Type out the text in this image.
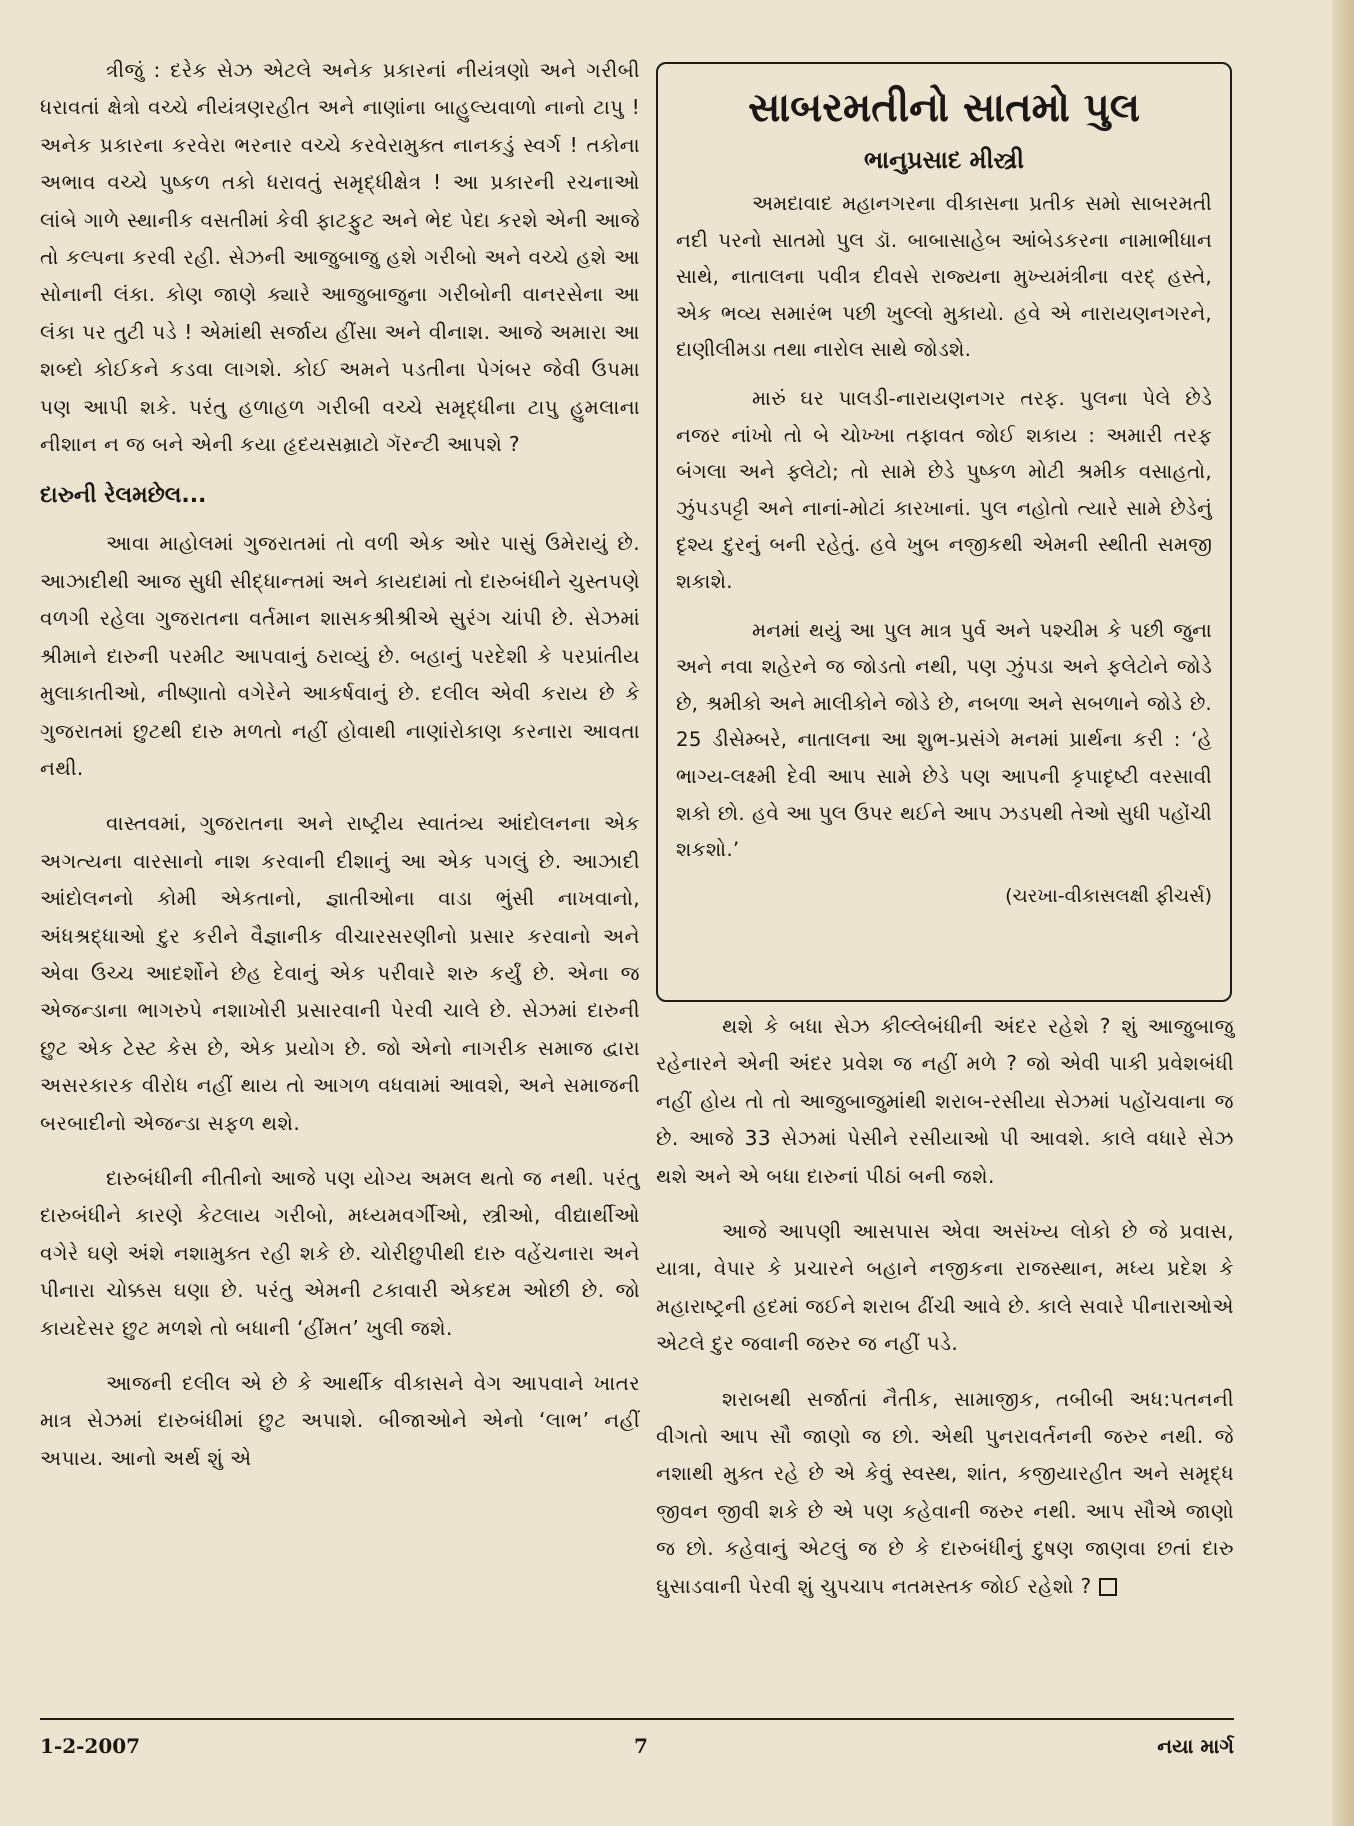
ત્રીજું : દરેક સેઝ એટલે અનેક પ્રકારનાં નીયંત્રણો અને ગરીબી ધરાવતાં ક્ષેત્રો વચ્ચે નીયંત્રણરહીત અને નાણાંના બાહુલ્યવાળો નાનો ટાપુ ! અનેક પ્રકારના કરવેરા ભરનાર વચ્ચે કરવેરામુક્ત નાનકડું સ્વર્ગ ! તકોના અભાવ વચ્ચે પુષ્કળ તકો ધરાવતું સમૃદ્ધીક્ષેત્ર ! આ પ્રકારની રચનાઓ લાંબે ગાળે સ્થાનીક વસતીમાં કેવી ફાટફુટ અને ભેદ પેદા કરશે એની આજે તો કલ્પના કરવી રહી. સેઝની આજુબાજુ હશે ગરીબો અને વચ્ચે હશે આ સોનાની લંકા. કોણ જાણે ક્યારે આજુબાજુના ગરીબોની વાનરસેના આ લંકા પર તુટી પડે ! એમાંથી સર્જાય હીંસા અને વીનાશ. આજે અમારા આ શબ્દો કોઈકને કડવા લાગશે. કોઈ અમને પડતીના પેગંબર જેવી ઉપમા પણ આપી શકે. પરંતુ હળાહળ ગરીબી વચ્ચે સમૃદ્ધીના ટાપુ હુમલાના નીશાન ન જ બને એની કયા હૃદયસમ્રાટો ગૅરન્ટી આપશે ?

દારુની રેલમછેલ...

આવા માહોલમાં ગુજરાતમાં તો વળી એક ઓર પાસું ઉમેરાયું છે. આઝાદીથી આજ સુધી સીદ્ધાન્તમાં અને કાયદામાં તો દારુબંધીને ચુસ્તપણે વળગી રહેલા ગુજરાતના વર્તમાન શાસકશ્રીશ્રીએ સુરંગ ચાંપી છે. સેઝમાં શ્રીમાને દારુની પરમીટ આપવાનું ઠરાવ્યું છે. બહાનું પરદેશી કે પરપ્રાંતીય મુલાકાતીઓ, નીષ્ણાતો વગેરેને આકર્ષવાનું છે. દલીલ એવી કરાય છે કે ગુજરાતમાં છુટથી દારુ મળતો નહીં હોવાથી નાણાંરોકાણ કરનારા આવતા નથી.

વાસ્તવમાં, ગુજરાતના અને રાષ્ટ્રીય સ્વાતંત્ર્ય આંદોલનના એક અગત્યના વારસાનો નાશ કરવાની દીશાનું આ એક પગલું છે. આઝાદી આંદોલનનો કોમી એકતાનો, જ્ઞાતીઓના વાડા ભુંસી નાખવાનો, અંધશ્રદ્ધાઓ દુર કરીને વૈજ્ઞાનીક વીચારસરણીનો પ્રસાર કરવાનો અને એવા ઉચ્ચ આદર્શોને છેહ દેવાનું એક પરીવારે શરુ કર્યું છે. એના જ એજન્ડાના ભાગરુપે નશાખોરી પ્રસારવાની પેરવી ચાલે છે. સેઝમાં દારુની છુટ એક ટેસ્ટ કેસ છે, એક પ્રયોગ છે. જો એનો નાગરીક સમાજ દ્વારા અસરકારક વીરોધ નહીં થાય તો આગળ વધવામાં આવશે, અને સમાજની બરબાદીનો એજન્ડા સફળ થશે.

દારુબંધીની નીતીનો આજે પણ યોગ્ય અમલ થતો જ નથી. પરંતુ દારુબંધીને કારણે કેટલાય ગરીબો, મધ્યમવર્ગીઓ, સ્ત્રીઓ, વીદ્યાર્થીઓ વગેરે ઘણે અંશે નશામુક્ત રહી શકે છે. ચોરીછુપીથી દારુ વહેંચનારા અને પીનારા ચોક્કસ ઘણા છે. પરંતુ એમની ટકાવારી એકદમ ઓછી છે. જો કાયદેસર છુટ મળશે તો બધાની ‘હીંમત’ ખુલી જશે.

આજની દલીલ એ છે કે આર્થીક વીકાસને વેગ આપવાને ખાતર માત્ર સેઝમાં દારુબંધીમાં છુટ અપાશે. બીજાઓને એનો ‘લાભ’ નહીં અપાય. આનો અર્થ શું એ

સાબરમતીનો સાતમો પુલ
ભાનુપ્રસાદ મીસ્ત્રી

અમદાવાદ મહાનગરના વીકાસના પ્રતીક સમો સાબરમતી નદી પરનો સાતમો પુલ ડૉ. બાબાસાહેબ આંબેડકરના નામાભીધાન સાથે, નાતાલના પવીત્ર દીવસે રાજ્યના મુખ્યમંત્રીના વરદ્ હસ્તે, એક ભવ્ય સમારંભ પછી ખુલ્લો મુકાયો. હવે એ નારાયણનગરને, દાણીલીમડા તથા નારોલ સાથે જોડશે.

મારું ઘર પાલડી-નારાયણનગર તરફ. પુલના પેલે છેડે નજર નાંખો તો બે ચોખ્ખા તફાવત જોઈ શકાય : અમારી તરફ બંગલા અને ફ્લેટો; તો સામે છેડે પુષ્કળ મોટી શ્રમીક વસાહતો, ઝુંપડપટ્ટી અને નાનાં-મોટાં કારખાનાં. પુલ નહોતો ત્યારે સામે છેડેનું દૃશ્ય દુરનું બની રહેતું. હવે ખુબ નજીકથી એમની સ્થીતી સમજી શકાશે.

મનમાં થયું આ પુલ માત્ર પુર્વ અને પશ્ચીમ કે પછી જુના અને નવા શહેરને જ જોડતો નથી, પણ ઝુંપડા અને ફલેટોને જોડે છે, શ્રમીકો અને માલીકોને જોડે છે, નબળા અને સબળાને જોડે છે. 25 ડીસેમ્બરે, નાતાલના આ શુભ-પ્રસંગે મનમાં પ્રાર્થના કરી : ‘હે ભાગ્ય-લક્ષ્મી દેવી આપ સામે છેડે પણ આપની કૃપાદૃષ્ટી વરસાવી શકો છો. હવે આ પુલ ઉપર થઈને આપ ઝડપથી તેઓ સુધી પહોંચી શકશો.’

(ચરખા-વીકાસલક્ષી ફીચર્સ)

થશે કે બધા સેઝ કીલ્લેબંધીની અંદર રહેશે ? શું આજુબાજુ રહેનારને એની અંદર પ્રવેશ જ નહીં મળે ? જો એવી પાકી પ્રવેશબંધી નહીં હોય તો તો આજુબાજુમાંથી શરાબ-રસીયા સેઝમાં પહોંચવાના જ છે. આજે 33 સેઝમાં પેસીને રસીયાઓ પી આવશે. કાલે વધારે સેઝ થશે અને એ બધા દારુનાં પીઠાં બની જશે.

આજે આપણી આસપાસ એવા અસંખ્ય લોકો છે જે પ્રવાસ, યાત્રા, વેપાર કે પ્રચારને બહાને નજીકના રાજસ્થાન, મધ્ય પ્રદેશ કે મહારાષ્ટ્રની હદમાં જઈને શરાબ ઢીંચી આવે છે. કાલે સવારે પીનારાઓએ એટલે દુર જવાની જરુર જ નહીં પડે.

શરાબથી સર્જાતાં નૈતીક, સામાજીક, તબીબી અધ:પતનની વીગતો આપ સૌ જાણો જ છો. એથી પુનરાવર્તનની જરુર નથી. જે નશાથી મુક્ત રહે છે એ કેવું સ્વસ્થ, શાંત, કજીયારહીત અને સમૃદ્ધ જીવન જીવી શકે છે એ પણ કહેવાની જરુર નથી. આપ સૌએ જાણો જ છો. કહેવાનું એટલું જ છે કે દારુબંધીનું દુષણ જાણવા છતાં દારુ ઘુસાડવાની પેરવી શું ચુપચાપ નતમસ્તક જોઈ રહેશો ?

1-2-2007	7	નયા માર્ગ
